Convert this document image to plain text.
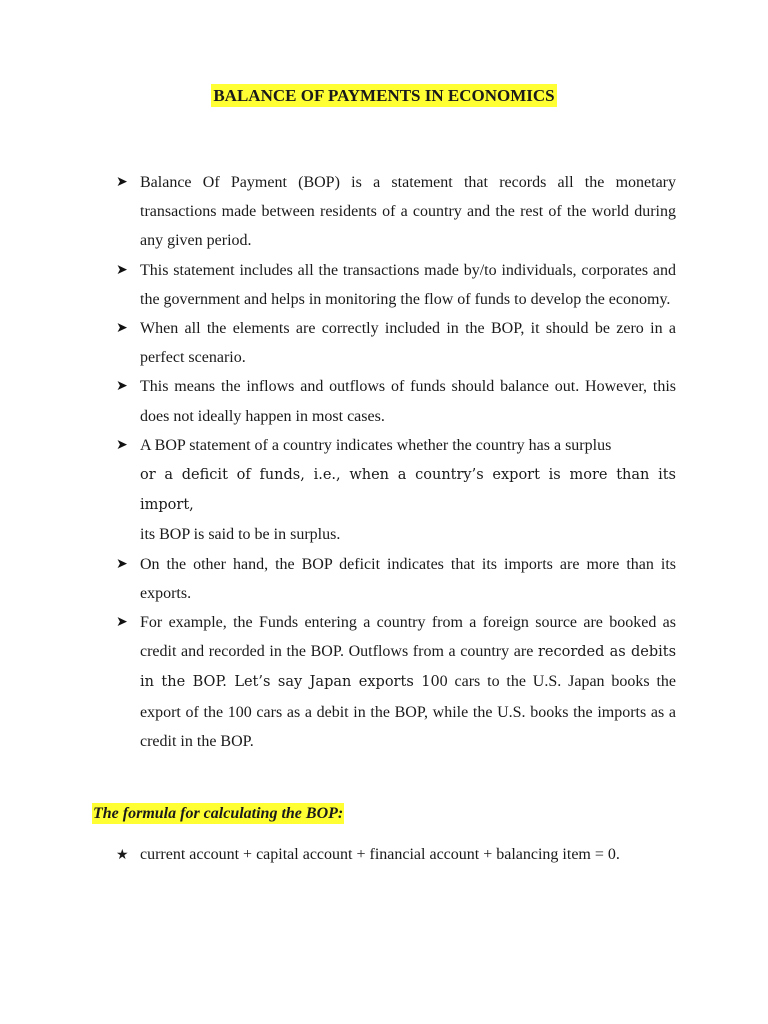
BALANCE OF PAYMENTS IN ECONOMICS
➤ Balance Of Payment (BOP) is a statement that records all the monetary transactions made between residents of a country and the rest of the world during any given period.
➤ This statement includes all the transactions made by/to individuals, corporates and the government and helps in monitoring the flow of funds to develop the economy.
➤ When all the elements are correctly included in the BOP, it should be zero in a perfect scenario.
➤ This means the inflows and outflows of funds should balance out. However, this does not ideally happen in most cases.
➤ A BOP statement of a country indicates whether the country has a surplus
or a deficit of funds, i.e., when a country’s export is more than its import,
its BOP is said to be in surplus.
➤ On the other hand, the BOP deficit indicates that its imports are more than its exports.
➤ For example, the Funds entering a country from a foreign source are booked as credit and recorded in the BOP. Outflows from a country are recorded as debits in the BOP. Let’s say Japan exports 100 cars to the U.S. Japan books the export of the 100 cars as a debit in the BOP, while the U.S. books the imports as a credit in the BOP.
The formula for calculating the BOP:
★ current account + capital account + financial account + balancing item = 0.
